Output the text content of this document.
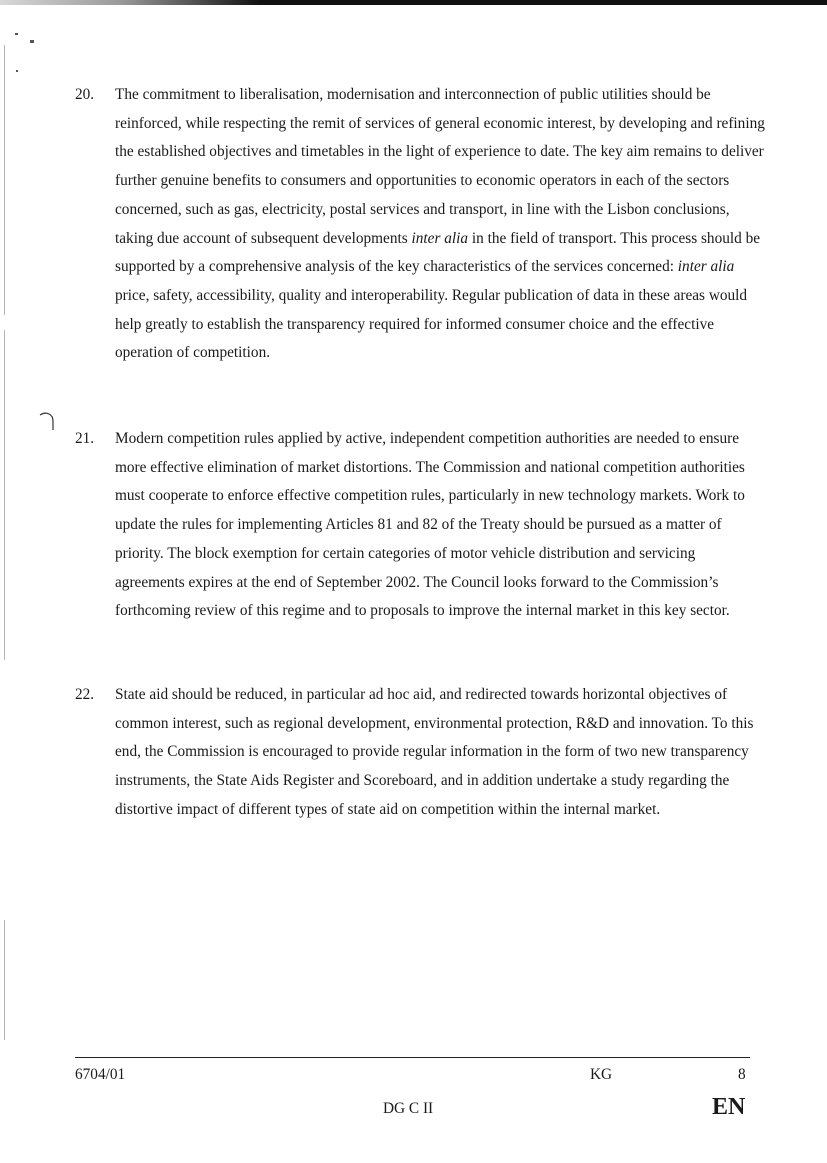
20.	The commitment to liberalisation, modernisation and interconnection of public utilities should be reinforced, while respecting the remit of services of general economic interest, by developing and refining the established objectives and timetables in the light of experience to date. The key aim remains to deliver further genuine benefits to consumers and opportunities to economic operators in each of the sectors concerned, such as gas, electricity, postal services and transport, in line with the Lisbon conclusions, taking due account of subsequent developments inter alia in the field of transport. This process should be supported by a comprehensive analysis of the key characteristics of the services concerned: inter alia price, safety, accessibility, quality and interoperability. Regular publication of data in these areas would help greatly to establish the transparency required for informed consumer choice and the effective operation of competition.
21.	Modern competition rules applied by active, independent competition authorities are needed to ensure more effective elimination of market distortions. The Commission and national competition authorities must cooperate to enforce effective competition rules, particularly in new technology markets. Work to update the rules for implementing Articles 81 and 82 of the Treaty should be pursued as a matter of priority. The block exemption for certain categories of motor vehicle distribution and servicing agreements expires at the end of September 2002. The Council looks forward to the Commission’s forthcoming review of this regime and to proposals to improve the internal market in this key sector.
22.	State aid should be reduced, in particular ad hoc aid, and redirected towards horizontal objectives of common interest, such as regional development, environmental protection, R&D and innovation. To this end, the Commission is encouraged to provide regular information in the form of two new transparency instruments, the State Aids Register and Scoreboard, and in addition undertake a study regarding the distortive impact of different types of state aid on competition within the internal market.
6704/01	KG	8
DG C II	EN
